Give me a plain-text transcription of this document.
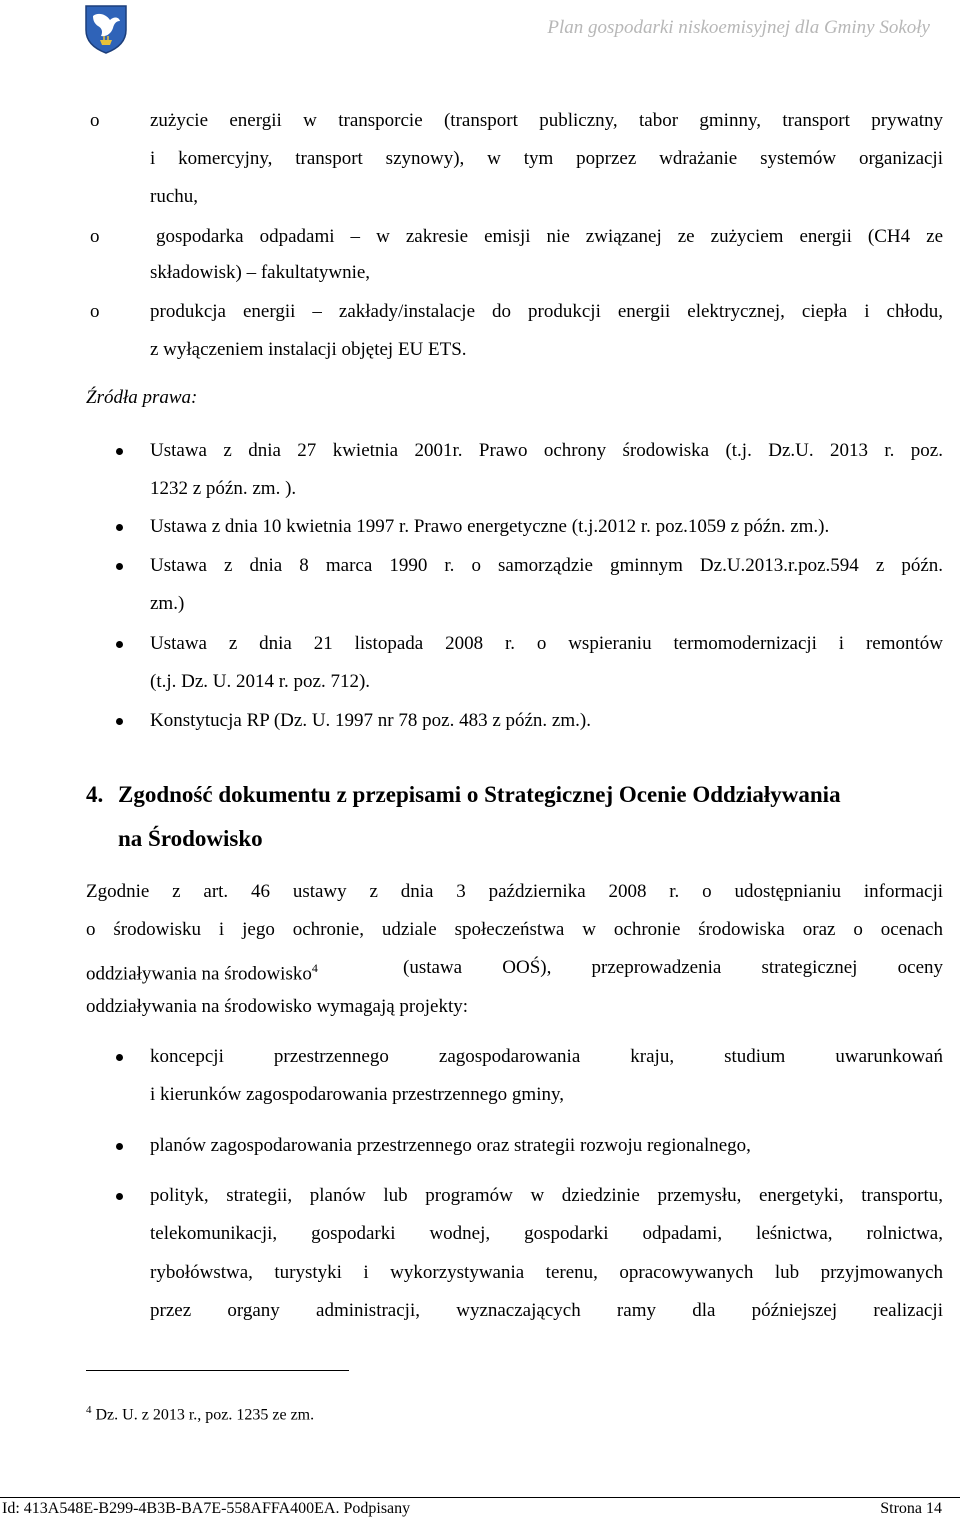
Plan gospodarki niskoemisyjnej dla Gminy Sokoły
o	zużycie energii w transporcie (transport publiczny, tabor gminny, transport prywatny
i komercyjny, transport szynowy), w tym poprzez wdrażanie systemów organizacji
ruchu,
o	gospodarka odpadami – w zakresie emisji nie związanej ze zużyciem energii (CH4 ze
składowisk) – fakultatywnie,
o	produkcja energii – zakłady/instalacje do produkcji energii elektrycznej, ciepła i chłodu,
z wyłączeniem instalacji objętej EU ETS.
Źródła prawa:
Ustawa z dnia 27 kwietnia 2001r. Prawo ochrony środowiska (t.j. Dz.U. 2013 r. poz.
1232 z późn. zm. ).
Ustawa z dnia 10 kwietnia 1997 r. Prawo energetyczne (t.j.2012 r. poz.1059 z późn. zm.).
Ustawa z dnia 8 marca 1990 r. o samorządzie gminnym Dz.U.2013.r.poz.594 z późn.
zm.)
Ustawa z dnia 21 listopada 2008 r. o wspieraniu termomodernizacji i remontów
(t.j. Dz. U. 2014 r. poz. 712).
Konstytucja RP (Dz. U. 1997 nr 78 poz. 483 z późn. zm.).
4. Zgodność dokumentu z przepisami o Strategicznej Ocenie Oddziaływania
na Środowisko
Zgodnie z art. 46 ustawy z dnia 3 października 2008 r. o udostępnianiu informacji
o środowisku i jego ochronie, udziale społeczeństwa w ochronie środowiska oraz o ocenach
oddziaływania na środowisko$^4$	(ustawa OOŚ), przeprowadzenia strategicznej oceny
oddziaływania na środowisko wymagają projekty:
koncepcji przestrzennego zagospodarowania kraju, studium uwarunkowań
i kierunków zagospodarowania przestrzennego gminy,
planów zagospodarowania przestrzennego oraz strategii rozwoju regionalnego,
polityk, strategii, planów lub programów w dziedzinie przemysłu, energetyki, transportu,
telekomunikacji, gospodarki wodnej, gospodarki odpadami, leśnictwa, rolnictwa,
rybołówstwa, turystyki i wykorzystywania terenu, opracowywanych lub przyjmowanych
przez organy administracji, wyznaczających ramy dla późniejszej realizacji
$^4$ Dz. U. z 2013 r., poz. 1235 ze zm.
Id: 413A548E-B299-4B3B-BA7E-558AFFA400EA. Podpisany	Strona 14
